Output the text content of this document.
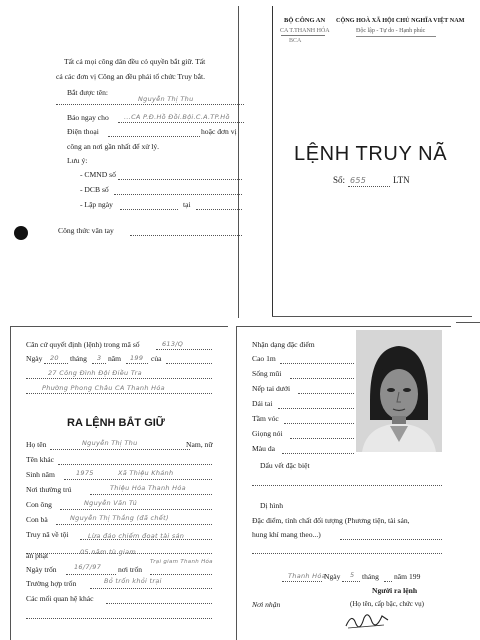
Tất cả mọi công dân đều có quyền bắt giữ. Tất
cả các đơn vị Công an đều phải tổ chức Truy bắt.
Bắt được tên:
Nguyễn Thị Thu
Báo ngay cho ...CA P.Đ.Hồ Đồi.Bội.C.A.TP.Hồ
Điện thoại	hoặc đơn vị
công an nơi gần nhất để xử lý.
Lưu ý:
- CMND số
- DCB số
- Lập ngày	tại
Công thức vân tay
BỘ CÔNG AN
CA T.THANH HÓA
BCA
CỘNG HOÀ XÃ HỘI CHỦ NGHĨA VIỆT NAM
Độc lập - Tự do - Hạnh phúc
LỆNH TRUY NÃ
Số: 655	LTN
Căn cứ quyết định (lệnh) trong mã số	613/Q
Ngày 20 tháng 3 năm 199 của
27 Công Đình Đội Điều Tra
Phường Phong Châu CA Thanh Hóa
RA LỆNH BẮT GIỮ
Họ tên	Nguyễn Thị Thu	Nam, nữ
Tên khác
Sinh năm	1975	Xã Thiệu Khánh
Nơi thường trú	Thiệu Hóa Thanh Hóa
Con ông	Nguyễn Văn Tú
Con bà	Nguyễn Thị Thắng (đã chết)
Truy nã về tội	Lừa đảo chiếm đoạt tài sản
án phạt	05 năm tù giam
Ngày trốn	16/7/97 nơi trốn
Trại giam Thanh Hóa
Trường hợp trốn	Bỏ trốn khỏi trại
Các mối quan hệ khác
Nhận dạng đặc điểm
Cao 1m
Sống mũi
Nếp tai dưới
Dái tai
Tầm vóc
Giọng nói
Màu da
Dấu vết đặc biệt
Dị hình
Đặc điểm, tính chất đối tượng (Phương tiện, tài sản,
hung khí mang theo...)
Thanh Hóa
Ngày 5 tháng năm 199
Người ra lệnh
(Họ tên, cấp bậc, chức vụ)
Nơi nhận
